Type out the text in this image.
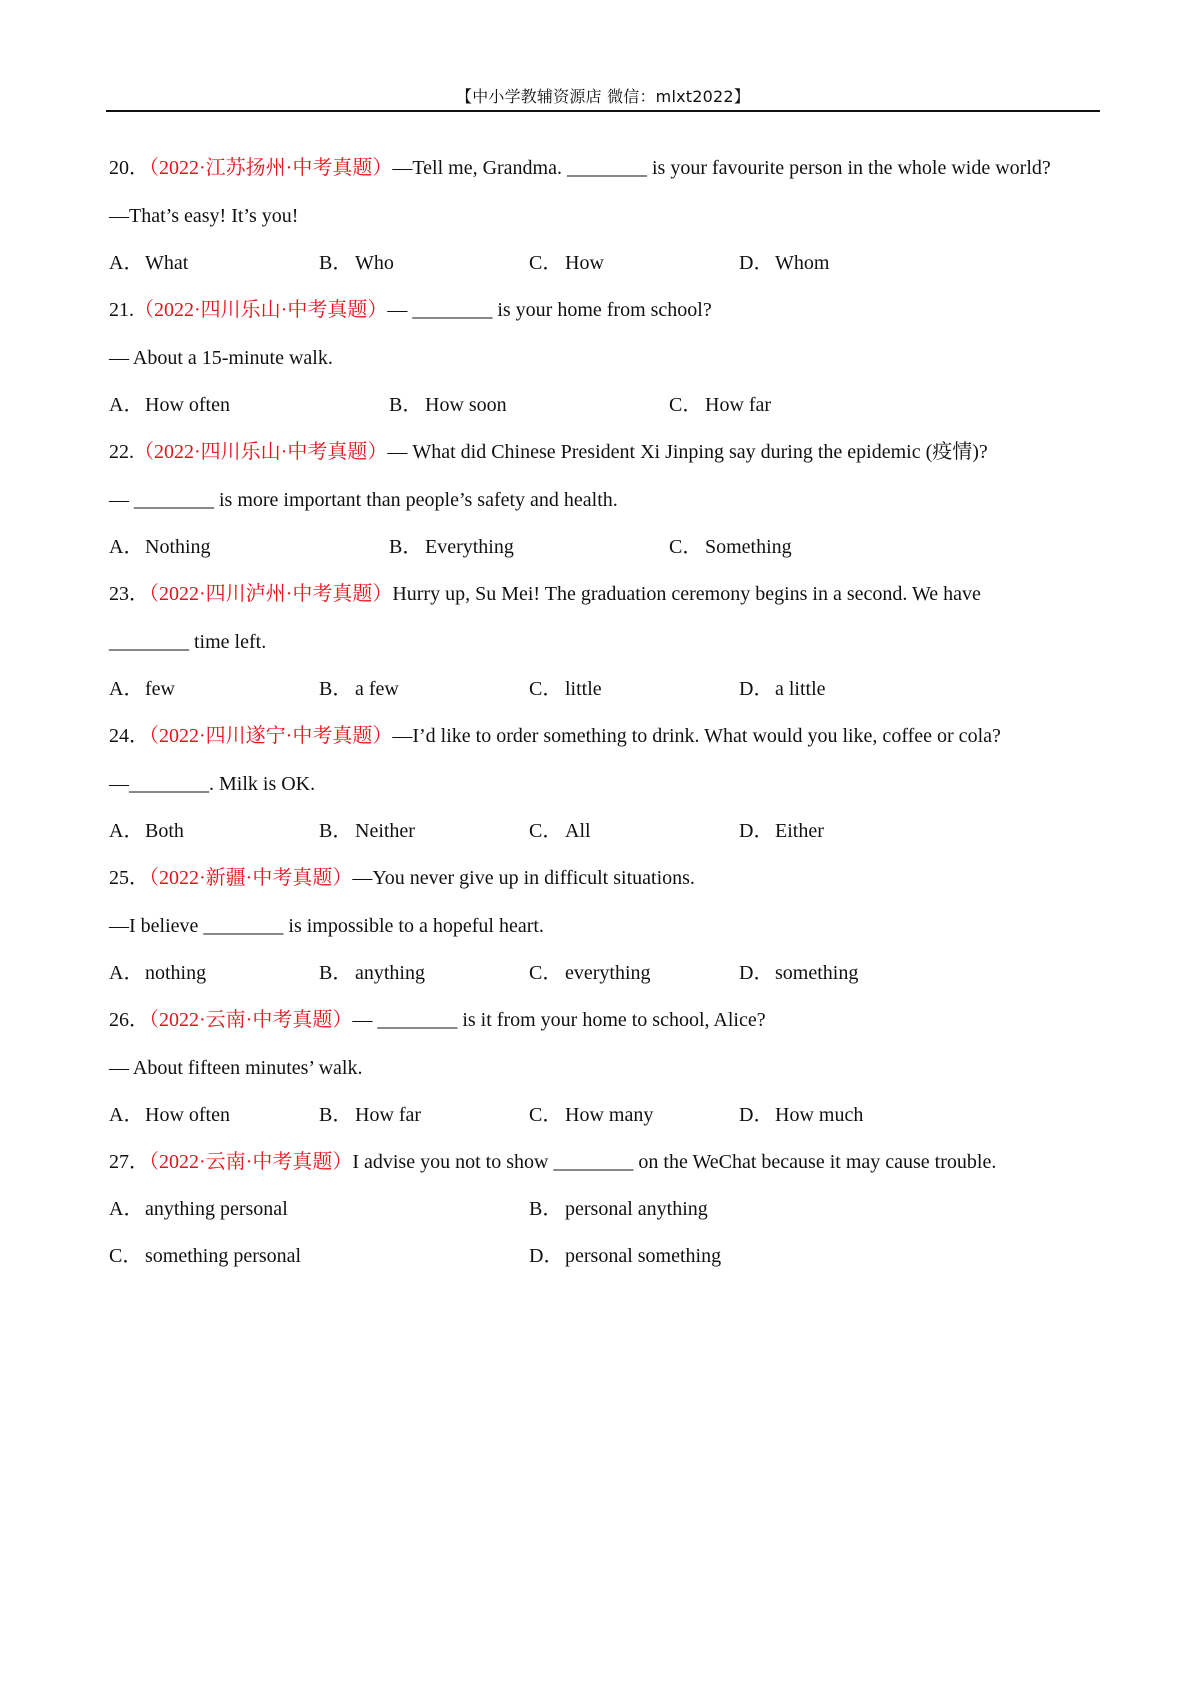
【中小学教辅资源店 微信：mlxt2022】
20．（2022·江苏扬州·中考真题）—Tell me, Grandma. ________ is your favourite person in the whole wide world?
—That’s easy! It’s you!
A．What	B． Who	C． How	D．Whom
21.（2022·四川乐山·中考真题）— ________ is your home from school?
— About a 15-minute walk.
A．How often	B． How soon	C． How far
22.（2022·四川乐山·中考真题）— What did Chinese President Xi Jinping say during the epidemic (疫情)?
— ________ is more important than people’s safety and health.
A．Nothing	B． Everything	C． Something
23．（2022·四川泸州·中考真题）Hurry up, Su Mei! The graduation ceremony begins in a second. We have
________ time left.
A．few	B． a few	C． little	D．a little
24．（2022·四川遂宁·中考真题）—I’d like to order something to drink. What would you like, coffee or cola?
—________. Milk is OK.
A．Both	B． Neither	C． All	D．Either
25．（2022·新疆·中考真题）—You never give up in difficult situations.
—I believe ________ is impossible to a hopeful heart.
A．nothing	B． anything	C． everything	D．something
26．（2022·云南·中考真题）— ________ is it from your home to school, Alice?
— About fifteen minutes’ walk.
A．How often	B． How far	C． How many	D．How much
27．（2022·云南·中考真题）I advise you not to show ________ on the WeChat because it may cause trouble.
A．anything personal	B． personal anything
C． something personal	D．personal something
